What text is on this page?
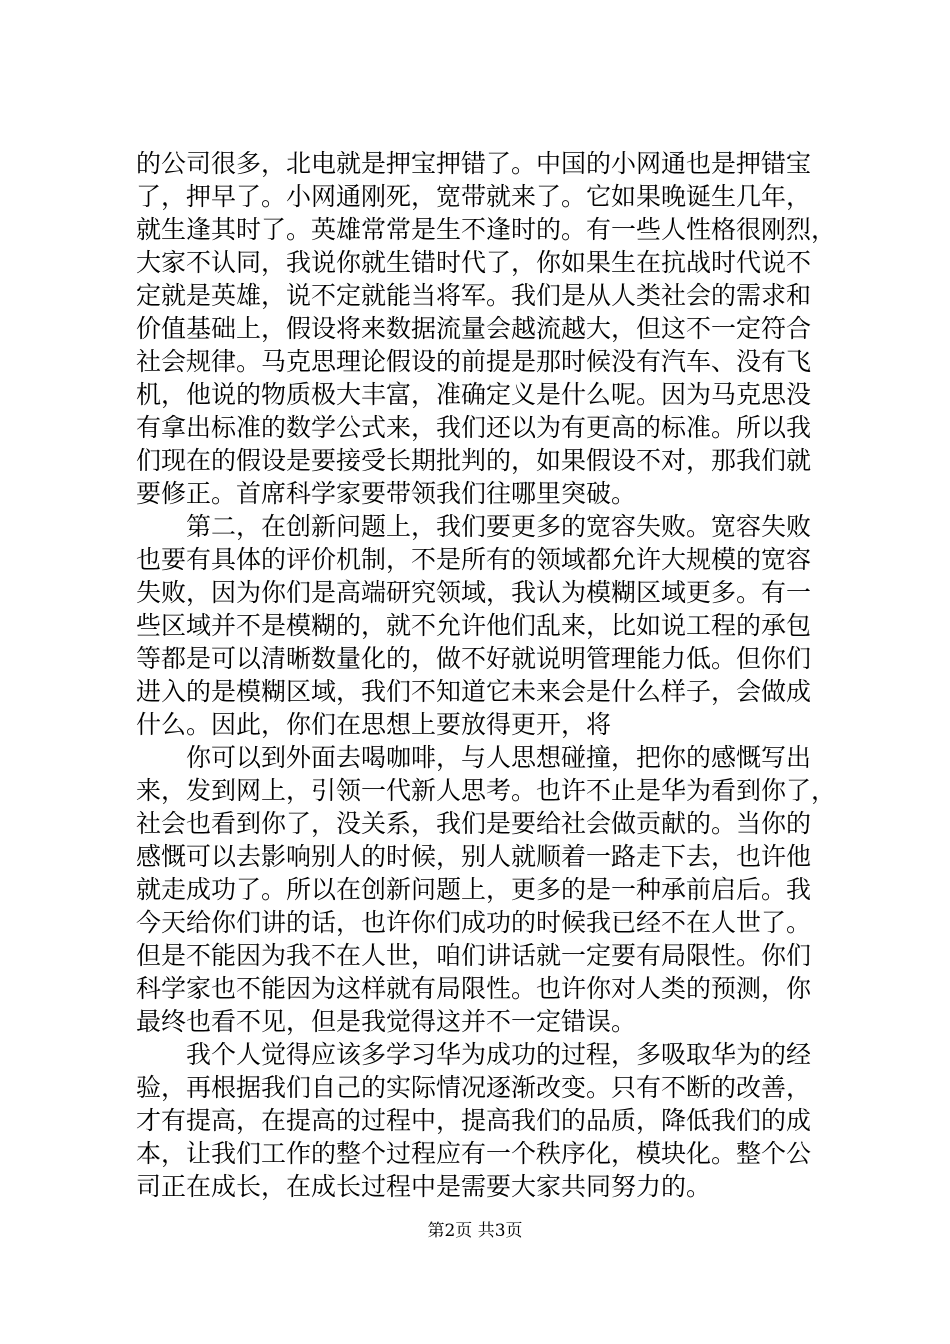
的公司很多，北电就是押宝押错了。中国的小网通也是押错宝
了，押早了。小网通刚死，宽带就来了。它如果晚诞生几年，
就生逢其时了。英雄常常是生不逢时的。有一些人性格很刚烈，
大家不认同，我说你就生错时代了，你如果生在抗战时代说不
定就是英雄，说不定就能当将军。我们是从人类社会的需求和
价值基础上，假设将来数据流量会越流越大，但这不一定符合
社会规律。马克思理论假设的前提是那时候没有汽车、没有飞
机，他说的物质极大丰富，准确定义是什么呢。因为马克思没
有拿出标准的数学公式来，我们还以为有更高的标准。所以我
们现在的假设是要接受长期批判的，如果假设不对，那我们就
要修正。首席科学家要带领我们往哪里突破。
第二，在创新问题上，我们要更多的宽容失败。宽容失败
也要有具体的评价机制，不是所有的领域都允许大规模的宽容
失败，因为你们是高端研究领域，我认为模糊区域更多。有一
些区域并不是模糊的，就不允许他们乱来，比如说工程的承包
等都是可以清晰数量化的，做不好就说明管理能力低。但你们
进入的是模糊区域，我们不知道它未来会是什么样子，会做成
什么。因此，你们在思想上要放得更开，将
你可以到外面去喝咖啡，与人思想碰撞，把你的感慨写出
来，发到网上，引领一代新人思考。也许不止是华为看到你了，
社会也看到你了，没关系，我们是要给社会做贡献的。当你的
感慨可以去影响别人的时候，别人就顺着一路走下去，也许他
就走成功了。所以在创新问题上，更多的是一种承前启后。我
今天给你们讲的话，也许你们成功的时候我已经不在人世了。
但是不能因为我不在人世，咱们讲话就一定要有局限性。你们
科学家也不能因为这样就有局限性。也许你对人类的预测，你
最终也看不见，但是我觉得这并不一定错误。
我个人觉得应该多学习华为成功的过程，多吸取华为的经
验，再根据我们自己的实际情况逐渐改变。只有不断的改善，
才有提高，在提高的过程中，提高我们的品质，降低我们的成
本，让我们工作的整个过程应有一个秩序化，模块化。整个公
司正在成长，在成长过程中是需要大家共同努力的。
第2页 共3页
